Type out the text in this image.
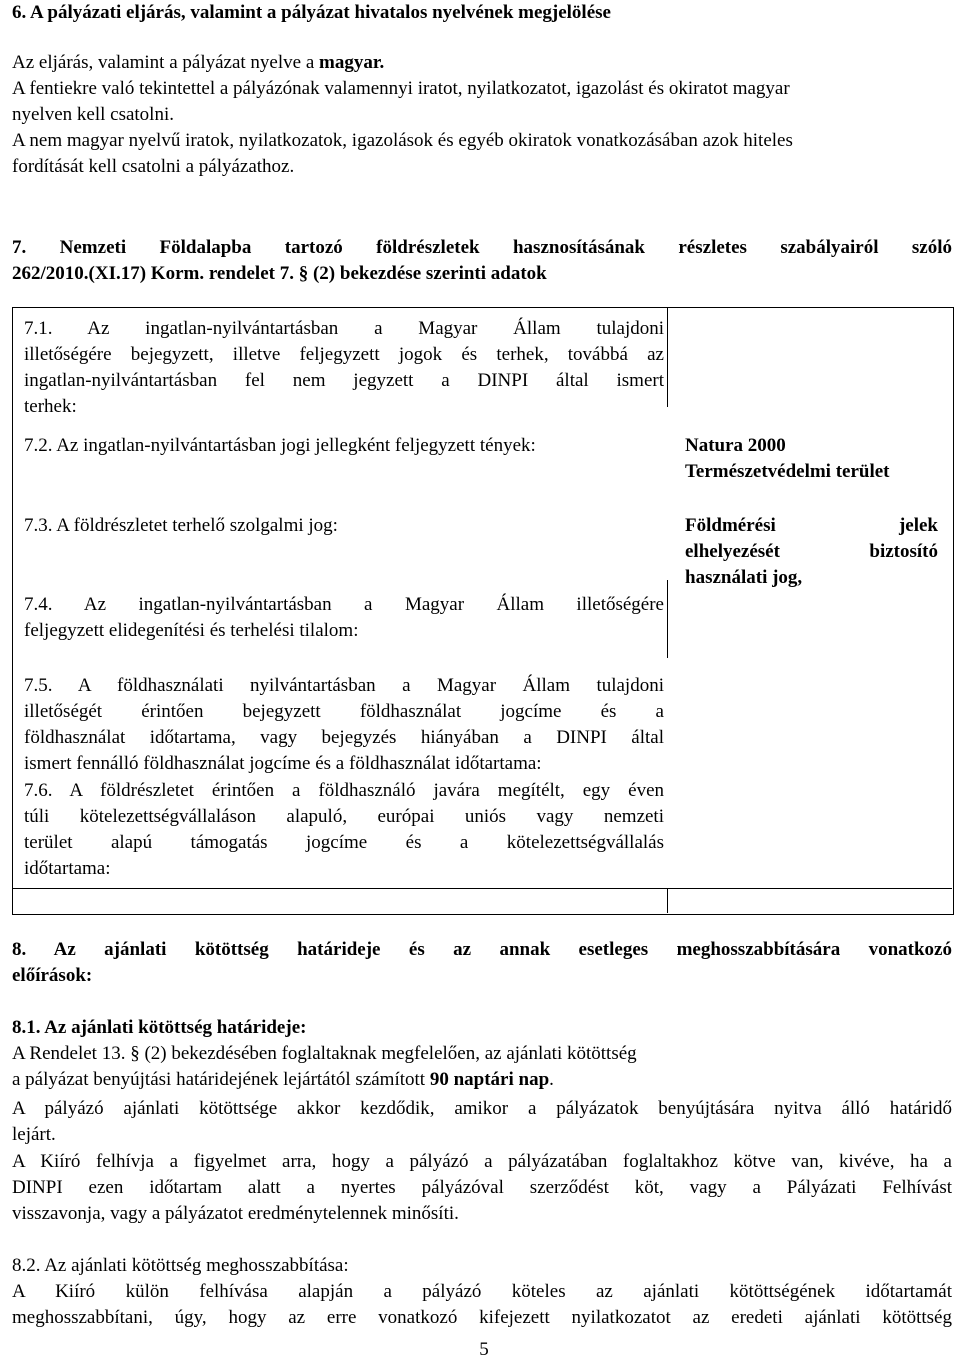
6. A pályázati eljárás, valamint a pályázat hivatalos nyelvének megjelölése
Az eljárás, valamint a pályázat nyelve a magyar.
A fentiekre való tekintettel a pályázónak valamennyi iratot, nyilatkozatot, igazolást és okiratot magyar
nyelven kell csatolni.
A nem magyar nyelvű iratok, nyilatkozatok, igazolások és egyéb okiratok vonatkozásában azok hiteles
fordítását kell csatolni a pályázathoz.
7. Nemzeti Földalapba tartozó földrészletek hasznosításának részletes szabályairól szóló
262/2010.(XI.17) Korm. rendelet 7. § (2) bekezdése szerinti adatok
7.1. Az ingatlan-nyilvántartásban a Magyar Állam tulajdoni
illetőségére bejegyzett, illetve feljegyzett jogok és terhek, továbbá az
ingatlan-nyilvántartásban fel nem jegyzett a DINPI által ismert
terhek:
7.2. Az ingatlan-nyilvántartásban jogi jellegként feljegyzett tények:	Natura 2000
Természetvédelmi terület
7.3. A földrészletet terhelő szolgalmi jog:	Földmérési jelek
elhelyezését biztosító
használati jog,
7.4. Az ingatlan-nyilvántartásban a Magyar Állam illetőségére
feljegyzett elidegenítési és terhelési tilalom:
7.5. A földhasználati nyilvántartásban a Magyar Állam tulajdoni
illetőségét érintően bejegyzett földhasználat jogcíme és a
földhasználat időtartama, vagy bejegyzés hiányában a DINPI által
ismert fennálló földhasználat jogcíme és a földhasználat időtartama:
7.6. A földrészletet érintően a földhasználó javára megítélt, egy éven
túli kötelezettségvállaláson alapuló, európai uniós vagy nemzeti
terület alapú támogatás jogcíme és a kötelezettségvállalás
időtartama:
8. Az ajánlati kötöttség határideje és az annak esetleges meghosszabbítására vonatkozó
előírások:
8.1. Az ajánlati kötöttség határideje:
A Rendelet 13. § (2) bekezdésében foglaltaknak megfelelően, az ajánlati kötöttség
a pályázat benyújtási határidejének lejártától számított 90 naptári nap.
A pályázó ajánlati kötöttsége akkor kezdődik, amikor a pályázatok benyújtására nyitva álló határidő
lejárt.
A Kiíró felhívja a figyelmet arra, hogy a pályázó a pályázatában foglaltakhoz kötve van, kivéve, ha a
DINPI ezen időtartam alatt a nyertes pályázóval szerződést köt, vagy a Pályázati Felhívást
visszavonja, vagy a pályázatot eredménytelennek minősíti.
8.2. Az ajánlati kötöttség meghosszabbítása:
A Kiíró külön felhívása alapján a pályázó köteles az ajánlati kötöttségének időtartamát
meghosszabbítani, úgy, hogy az erre vonatkozó kifejezett nyilatkozatot az eredeti ajánlati kötöttség
5
